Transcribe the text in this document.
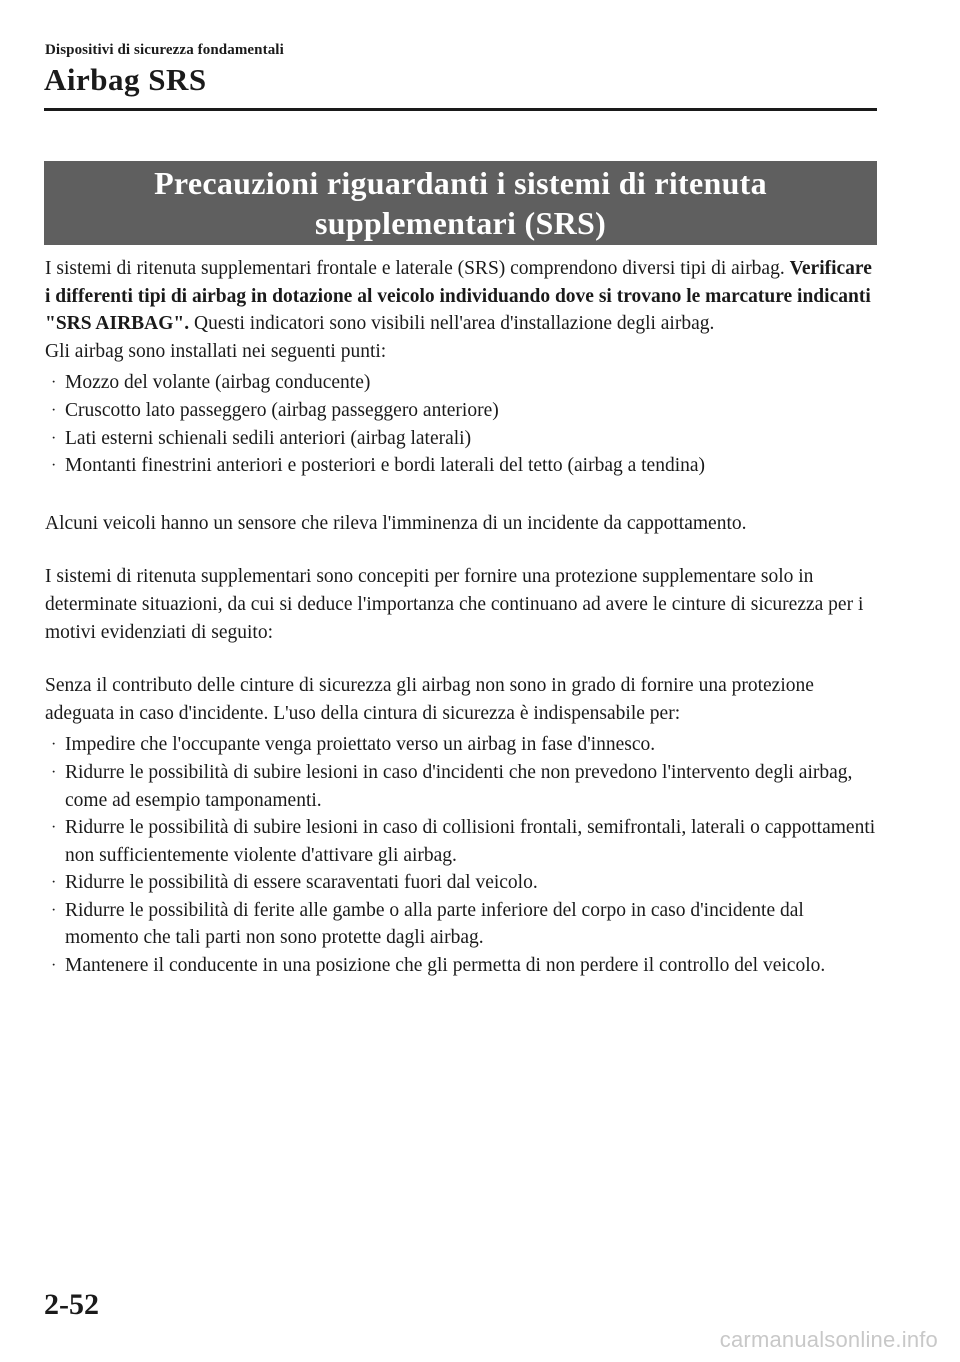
Dispositivi di sicurezza fondamentali
Airbag SRS
Precauzioni riguardanti i sistemi di ritenuta supplementari (SRS)

I sistemi di ritenuta supplementari frontale e laterale (SRS) comprendono diversi tipi di airbag. Verificare i differenti tipi di airbag in dotazione al veicolo individuando dove si trovano le marcature indicanti "SRS AIRBAG". Questi indicatori sono visibili nell'area d'installazione degli airbag.

Gli airbag sono installati nei seguenti punti:

· Mozzo del volante (airbag conducente)
· Cruscotto lato passeggero (airbag passeggero anteriore)
· Lati esterni schienali sedili anteriori (airbag laterali)
· Montanti finestrini anteriori e posteriori e bordi laterali del tetto (airbag a tendina)

Alcuni veicoli hanno un sensore che rileva l'imminenza di un incidente da cappottamento.

I sistemi di ritenuta supplementari sono concepiti per fornire una protezione supplementare solo in determinate situazioni, da cui si deduce l'importanza che continuano ad avere le cinture di sicurezza per i motivi evidenziati di seguito:

Senza il contributo delle cinture di sicurezza gli airbag non sono in grado di fornire una protezione adeguata in caso d'incidente. L'uso della cintura di sicurezza è indispensabile per:

· Impedire che l'occupante venga proiettato verso un airbag in fase d'innesco.
· Ridurre le possibilità di subire lesioni in caso d'incidenti che non prevedono l'intervento degli airbag, come ad esempio tamponamenti.
· Ridurre le possibilità di subire lesioni in caso di collisioni frontali, semifrontali, laterali o cappottamenti non sufficientemente violente d'attivare gli airbag.
· Ridurre le possibilità di essere scaraventati fuori dal veicolo.
· Ridurre le possibilità di ferite alle gambe o alla parte inferiore del corpo in caso d'incidente dal momento che tali parti non sono protette dagli airbag.
· Mantenere il conducente in una posizione che gli permetta di non perdere il controllo del veicolo.
2-52
carmanualsonline.info
